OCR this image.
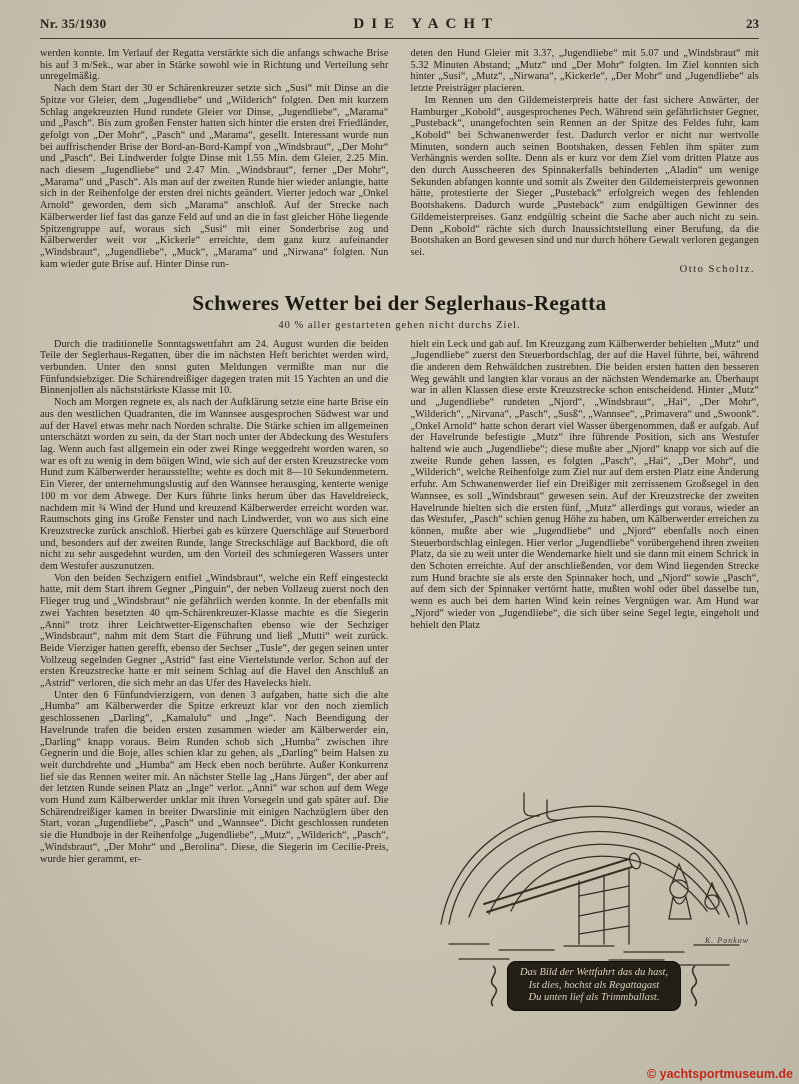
Nr. 35/1930	DIE YACHT	23

werden konnte. Im Verlauf der Regatta verstärkte sich die anfangs schwache Brise bis auf 3 m/Sek., war aber in Stärke sowohl wie in Richtung und Verteilung sehr unregelmäßig.

Nach dem Start der 30 er Schärenkreuzer setzte sich „Susi“ mit Dinse an die Spitze vor Gleier, dem „Jugendliebe“ und „Wilderich“ folgten. Den mit kurzem Schlag angekreuzten Hund rundete Gleier vor Dinse, „Jugendliebe“, „Marama“ und „Pasch“. Bis zum großen Fenster hatten sich hinter die ersten drei Friedländer, gefolgt von „Der Mohr“, „Pasch“ und „Marama“, gesellt. Interessant wurde nun bei auffrischender Brise der Bord-an-Bord-Kampf von „Windsbraut“, „Der Mohr“ und „Pasch“. Bei Lindwerder folgte Dinse mit 1.55 Min. dem Gleier, 2.25 Min. nach diesem „Jugendliebe“ und 2.47 Min. „Windsbraut“, ferner „Der Mohr“, „Marama“ und „Pasch“. Als man auf der zweiten Runde hier wieder anlangte, hatte sich in der Reihenfolge der ersten drei nichts geändert. Vierter jedoch war „Onkel Arnold“ geworden, dem sich „Marama“ anschloß. Auf der Strecke nach Kälberwerder lief fast das ganze Feld auf und an die in fast gleicher Höhe liegende Spitzengruppe auf, woraus sich „Susi“ mit einer Sonderbrise zog und Kälberwerder weit vor „Kickerle“ erreichte, dem ganz kurz aufeinander „Windsbraut“, „Jugendliebe“, „Muck“, „Marama“ und „Nirwana“ folgten. Nun kam wieder gute Brise auf. Hinter Dinse run-

deten den Hund Gleier mit 3.37, „Jugendliebe“ mit 5.07 und „Windsbraut“ mit 5.32 Minuten Abstand; „Mutz“ und „Der Mohr“ folgten. Im Ziel konnten sich hinter „Susi“, „Mutz“, „Nirwana“, „Kickerle“, „Der Mohr“ und „Jugendliebe“ als letzte Preisträger placieren.

Im Rennen um den Gildemeisterpreis hatte der fast sichere Anwärter, der Hamburger „Kobold“, ausgesprochenes Pech. Während sein gefährlichster Gegner, „Pusteback“, unangefochten sein Rennen an der Spitze des Feldes fuhr, kam „Kobold“ bei Schwanenwerder fest. Dadurch verlor er nicht nur wertvolle Minuten, sondern auch seinen Bootshaken, dessen Fehlen ihm später zum Verhängnis werden sollte. Denn als er kurz vor dem Ziel vom dritten Platze aus den durch Ausscheeren des Spinnakerfalls behinderten „Aladin“ um wenige Sekunden abfangen konnte und somit als Zweiter den Gildemeisterpreis gewonnen hätte, protestierte der Sieger „Pusteback“ erfolgreich wegen des fehlenden Bootshakens. Dadurch wurde „Pusteback“ zum endgültigen Gewinner des Gildemeisterpreises. Ganz endgültig scheint die Sache aber auch nicht zu sein. Denn „Kobold“ rächte sich durch Inaussichtstellung einer Berufung, da die Bootshaken an Bord gewesen sind und nur durch höhere Gewalt verloren gegangen sei.

Otto Scholtz.

Schweres Wetter bei der Seglerhaus-Regatta
40 % aller gestarteten gehen nicht durchs Ziel.

Durch die traditionelle Sonntagswettfahrt am 24. August wurden die beiden Teile der Seglerhaus-Regatten, über die im nächsten Heft berichtet werden wird, verbunden. Unter den sonst guten Meldungen vermißte man nur die Fünfundsiebziger. Die Schärendreißiger dagegen traten mit 15 Yachten an und die Binnenjollen als nächststärkste Klasse mit 10.

Noch am Morgen regnete es, als nach der Aufklärung setzte eine harte Brise ein aus den westlichen Quadranten, die im Wannsee ausgesprochen Südwest war und auf der Havel etwas mehr nach Norden schralte. Die Stärke schien im allgemeinen unterschätzt worden zu sein, da der Start noch unter der Abdeckung des Westufers lag. Wenn auch fast allgemein ein oder zwei Ringe weggedreht worden waren, so war es oft zu wenig in dem böigen Wind, wie sich auf der ersten Kreuzstrecke vom Hund zum Kälberwerder herausstellte; wehte es doch mit 8—10 Sekundenmetern. Ein Vierer, der unternehmungslustig auf den Wannsee herausging, kenterte wenige 100 m vor dem Abwege. Der Kurs führte links herum über das Haveldreieck, nachdem mit ¾ Wind der Hund und kreuzend Kälberwerder erreicht worden war. Raumschots ging ins Große Fenster und nach Lindwerder, von wo aus sich eine Kreuzstrecke zurück anschloß. Hierbei gab es kürzere Querschläge auf Steuerbord und, besonders auf der zweiten Runde, lange Streckschläge auf Backbord, die oft nicht zu sehr ausgedehnt wurden, um den Vorteil des schmiegeren Wassers unter dem Westufer auszunutzen.

Von den beiden Sechzigern entfiel „Windsbraut“, welche ein Reff eingesteckt hatte, mit dem Start ihrem Gegner „Pinguin“, der neben Vollzeug zuerst noch den Flieger trug und „Windsbraut“ nie gefährlich werden konnte. In der ebenfalls mit zwei Yachten besetzten 40 qm-Schärenkreuzer-Klasse machte es die Siegerin „Anni“ trotz ihrer Leichtwetter-Eigenschaften ebenso wie der Sechziger „Windsbraut“, nahm mit dem Start die Führung und ließ „Mutti“ weit zurück. Beide Vierziger hatten gerefft, ebenso der Sechser „Tusle“, der gegen seinen unter Vollzeug segelnden Gegner „Astrid“ fast eine Viertelstunde verlor. Schon auf der ersten Kreuzstrecke hatte er mit seinem Schlag auf die Havel den Anschluß an „Astrid“ verloren, die sich mehr an das Ufer des Havelecks hielt.

Unter den 6 Fünfundvierzigern, von denen 3 aufgaben, hatte sich die alte „Humba“ am Kälberwerder die Spitze erkreuzt klar vor den noch ziemlich geschlossenen „Darling“, „Kamalulu“ und „Inge“. Nach Beendigung der Havelrunde trafen die beiden ersten zusammen wieder am Kälberwerder ein, „Darling“ knapp voraus. Beim Runden schob sich „Humba“ zwischen ihre Gegnerin und die Boje, alles schien klar zu gehen, als „Darling“ beim Halsen zu weit durchdrehte und „Humba“ am Heck eben noch berührte. Außer Konkurrenz lief sie das Rennen weiter mit. An nächster Stelle lag „Hans Jürgen“, der aber auf der letzten Runde seinen Platz an „Inge“ verlor. „Anni“ war schon auf dem Wege vom Hund zum Kälberwerder unklar mit ihren Vorsegeln und gab später auf. Die Schärendreißiger kamen in breiter Dwarslinie mit einigen Nachzüglern über den Start, voran „Jugendliebe“, „Pasch“ und „Wannsee“. Dicht geschlossen rundeten sie die Hundboje in der Reihenfolge „Jugendliebe“, „Mutz“, „Wilderich“, „Pasch“, „Windsbraut“, „Der Mohr“ und „Berolina“. Diese, die Siegerin im Cecilie-Preis, wurde hier gerammt, er-

hielt ein Leck und gab auf. Im Kreuzgang zum Kälberwerder behielten „Mutz“ und „Jugendliebe“ zuerst den Steuerbordschlag, der auf die Havel führte, bei, während die anderen dem Rehwäldchen zustrebten. Die beiden ersten hatten den besseren Weg gewählt und langten klar voraus an der nächsten Wendemarke an. Überhaupt war in allen Klassen diese erste Kreuzstrecke schon entscheidend. Hinter „Mutz“ und „Jugendliebe“ rundeten „Njord“, „Windsbraut“, „Hai“, „Der Mohr“, „Wilderich“, „Nirvana“, „Pasch“, „Susß“, „Wannsee“, „Primavera“ und „Swoonk“. „Onkel Arnold“ hatte schon derart viel Wasser übergenommen, daß er aufgab. Auf der Havelrunde befestigte „Mutz“ ihre führende Position, sich ans Westufer haltend wie auch „Jugendliebe“; diese mußte aber „Njord“ knapp vor sich auf die zweite Runde gehen lassen, es folgten „Pasch“, „Hai“, „Der Mohr“, und „Wilderich“, welche Reihenfolge zum Ziel nur auf dem ersten Platz eine Änderung erfuhr. Am Schwanenwerder lief ein Dreißiger mit zerrissenem Großsegel in den Wannsee, es soll „Windsbraut“ gewesen sein. Auf der Kreuzstrecke der zweiten Havelrunde hielten sich die ersten fünf, „Mutz“ allerdings gut voraus, wieder an das Westufer, „Pasch“ schien genug Höhe zu haben, um Kälberwerder erreichen zu können, mußte aber wie „Jugendliebe“ und „Njord“ ebenfalls noch einen Steuerbordschlag einlegen. Hier verlor „Jugendliebe“ vorübergehend ihren zweiten Platz, da sie zu weit unter die Wendemarke hielt und sie dann mit einem Schrick in den Schoten erreichte. Auf der anschließenden, vor dem Wind liegenden Strecke zum Hund brachte sie als erste den Spinnaker hoch, und „Njord“ sowie „Pasch“, auf dem sich der Spinnaker vertörnt hatte, mußten wohl oder übel dasselbe tun, wenn es auch bei dem harten Wind kein reines Vergnügen war. Am Hund war „Njord“ wieder von „Jugendliebe“, die sich über seine Segel legte, eingeholt und behielt den Platz

K. Pankow
Das Bild der Wettfahrt das du hast,
Ist dies, hochst als Regattagast
Du unten lief als Trimmballast.
© yachtsportmuseum.de
